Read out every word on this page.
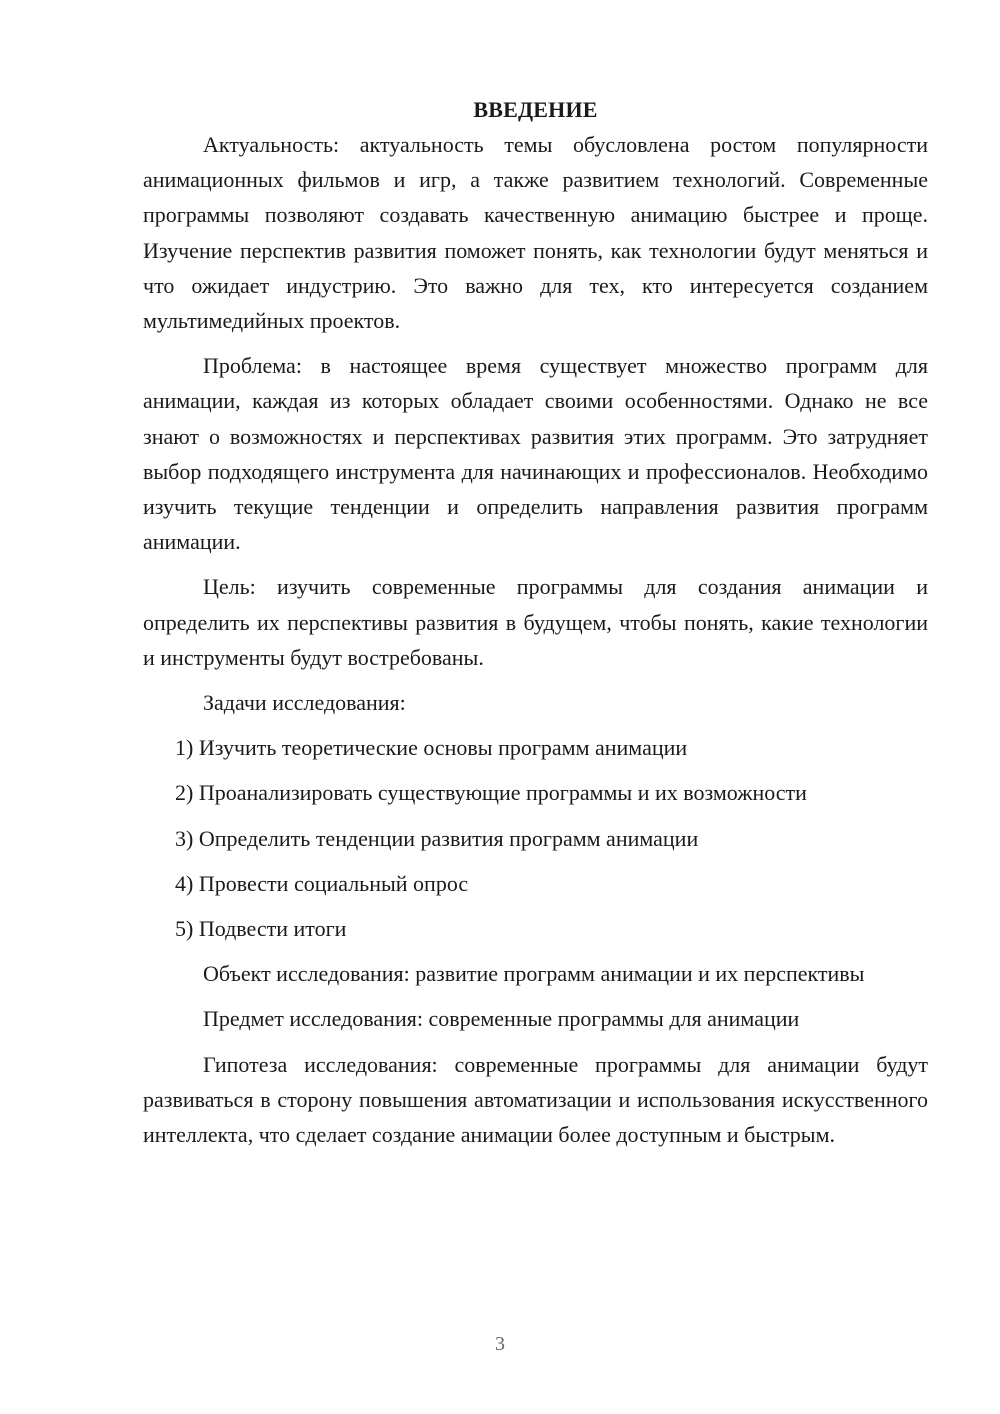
ВВЕДЕНИЕ

Актуальность: актуальность темы обусловлена ростом популярности анимационных фильмов и игр, а также развитием технологий. Современные программы позволяют создавать качественную анимацию быстрее и проще. Изучение перспектив развития поможет понять, как технологии будут меняться и что ожидает индустрию. Это важно для тех, кто интересуется созданием мультимедийных проектов.

Проблема: в настоящее время существует множество программ для анимации, каждая из которых обладает своими особенностями. Однако не все знают о возможностях и перспективах развития этих программ. Это затрудняет выбор подходящего инструмента для начинающих и профессионалов. Необходимо изучить текущие тенденции и определить направления развития программ анимации.

Цель: изучить современные программы для создания анимации и определить их перспективы развития в будущем, чтобы понять, какие технологии и инструменты будут востребованы.

Задачи исследования:

1) Изучить теоретические основы программ анимации

2) Проанализировать существующие программы и их возможности

3) Определить тенденции развития программ анимации

4) Провести социальный опрос

5) Подвести итоги

Объект исследования: развитие программ анимации и их перспективы

Предмет исследования: современные программы для анимации

Гипотеза исследования: современные программы для анимации будут развиваться в сторону повышения автоматизации и использования искусственного интеллекта, что сделает создание анимации более доступным и быстрым.

3
